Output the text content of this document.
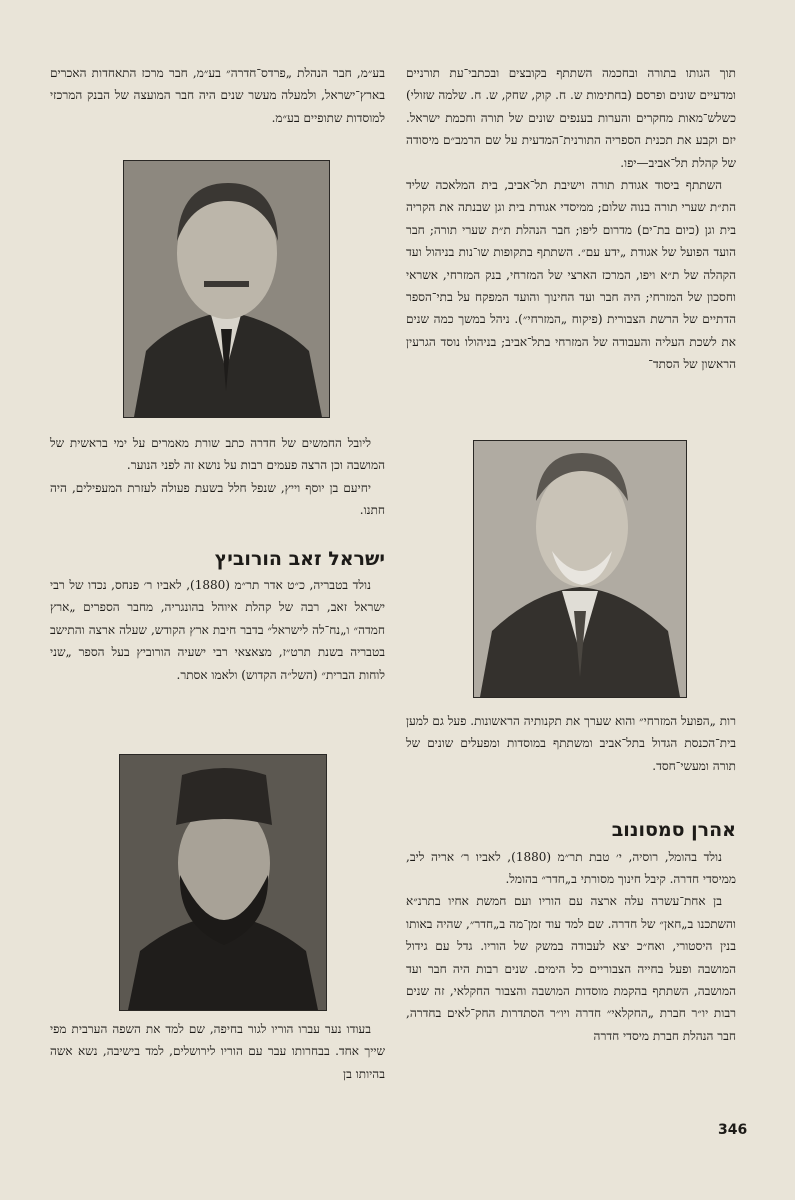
תוך הגותו בתורה ובחכמה השתתף בקובצים ובכתבי־עת תורניים ומדעיים שונים ופרסם (בחתימות ש. ח. קוק, שחק, ש. ח. שלמה שזולי) כשלש־מאות מחקרים והערות בענפים שונים של תורה וחכמת ישראל. יזם וקבע את תכנית הספריה התורנית־המדעית על שם הרמב״ם מיסודה של קהלת תל־אביב—יפו.

השתתף ביסוד אגודת תורה וישיבת תל־אביב, בית המלאכה שליד הת״ת שערי תורה בנוה שלום; ממיסדי אגודת בית וגן שבנתה את הקריה בית וגן (כיום בת־ים) מדרום ליפו; חבר הנהלת ת״ת שערי תורה; חבר הועד הפועל של אגודת „ידע עם״. השתתף בתקופות שו־נות בניהול ועד הקהלה של ת״א ויפו, המרכז הארצי של המזרחי, בנק המזרחי, אשראי וחסכון של המזרחי; היה חבר ועד החינוך והועד המפקח על בתי־הספר הדתיים של הרשת הצבורית (פיקוח „המזרחי״). ניהל במשך כמה שנים את לשכת העליה והעבודה של המזרחי בתל־אביב; בניהולו נוסד הגרעין הראשון של הסתד־

רות „הפועל המזרחי״ והוא שערך את תקנותיה הראשונות. פעל גם למען בית־הכנסת הגדול בתל־אביב ומשתתף במוסדות ומפעלים שונים של תורה ומעשי־חסד.

אהרן סמסונוב

נולד בהומל, רוסיה, י׳ טבת תר״מ (1880), לאביו ר׳ אריה ליב, ממיסדי חדרה. קיבל חינוך מסורתי ב„חדר״ בהומל.

בן אחת־עשרה עלה ארצה עם הוריו ועם חמשת אחיו בתרנ״א והשתכנו ב„חאן״ של חדרה. שם למד עוד זמן־מה ב„חדר״, שהיה באותו בנין היסטורי, ואח״כ יצא לעבודה במשק של הוריו. גדל עם גידול המושבה ופעל בחייה הצבוריים כל הימים. שנים רבות היה חבר ועד המושבה, השתתף בהקמת מוסדות המושבה והצבור החקלאי, זה שנים רבות יו״ר חברת „החקלאי״ חדרה ויו״ר הסתדרות החק־לאים בחדרה, חבר הנהלת חברת מיסדי חדרה

בע״מ, חבר הנהלת „פרדס־חדרה״ בע״מ, חבר מרכז התאחדות האכרים בארץ־ישראל, ולמעלה מעשר שנים היה חבר המועצה של הבנק המרכזי למוסדות שתופיים בע״מ.

ליובל החמשים של חדרה כתב שורת מאמרים על ימי בראשית של המושבה וכן הרצה פעמים רבות על נושא זה לפני הנוער.

יחיעם בן יוסף וייץ, שנפל חלל בשעת פעולה לעזרת המעפילים, היה חתנו.

ישראל זאב הורוביץ

נולד בטבריה, כ״ט אדר תר״מ (1880), לאביו ר׳ פנחס, נכדו של רבי ישראל זאב, רבה של קהלת איוהל בהונגריה, מחבר הספרים „ארץ חמדה״ ו„נח־לה לישראל״ בדבר חיבת ארץ הקודש, שעלה ארצה והתישב בטבריה בשנת תרט״ז, מצאצאי רבי ישעיה הורוביץ בעל הספר „שני לוחות הברית״ (השל״ה הקדוש) ולאמו אסתר.

בעודו נער עברו הוריו לגור בחיפה, שם למד את השפה הערבית מפי שייך אחד. בבחרותו עבר עם הוריו לירושלים, למד בישיבה, נשא אשה בהיותו בן

346
